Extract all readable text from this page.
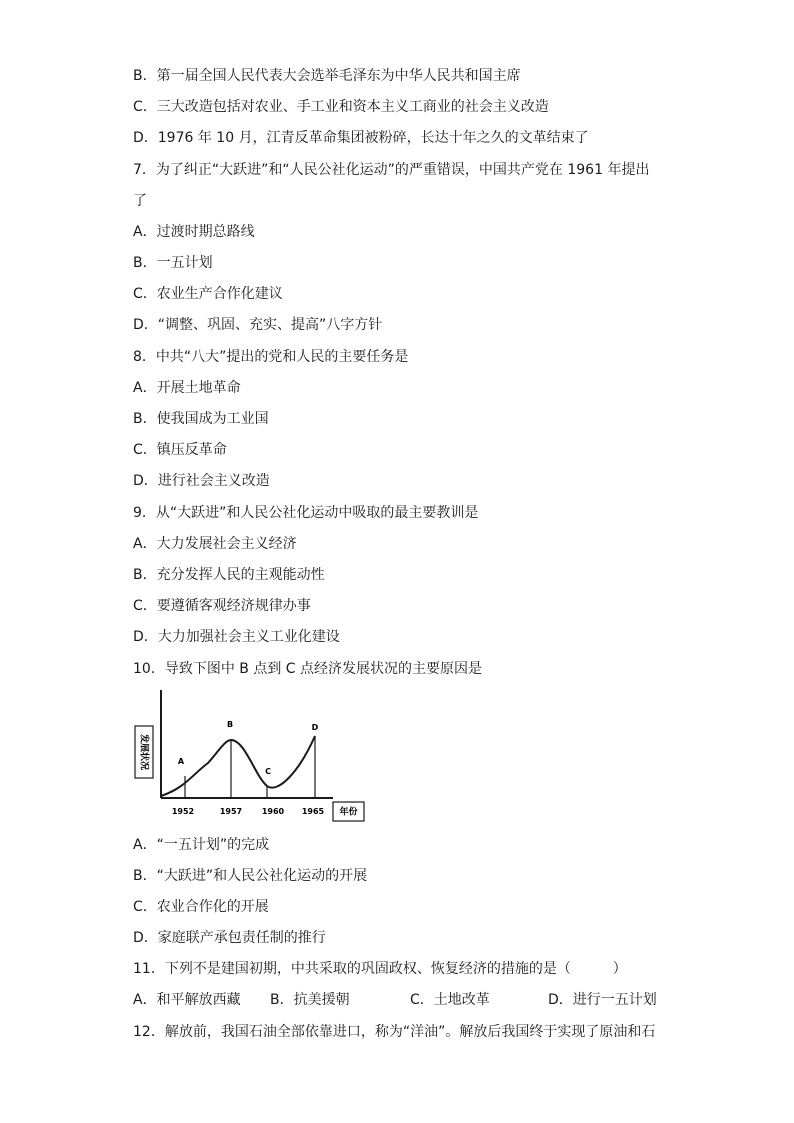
B．第一届全国人民代表大会选举毛泽东为中华人民共和国主席
C．三大改造包括对农业、手工业和资本主义工商业的社会主义改造
D．1976 年 10 月，江青反革命集团被粉碎，长达十年之久的文革结束了
7．为了纠正“大跃进”和“人民公社化运动”的严重错误，中国共产党在 1961 年提出
了
A．过渡时期总路线
B．一五计划
C．农业生产合作化建议
D．“调整、巩固、充实、提高”八字方针
8．中共“八大”提出的党和人民的主要任务是
A．开展土地革命
B．使我国成为工业国
C．镇压反革命
D．进行社会主义改造
9．从“大跃进”和人民公社化运动中吸取的最主要教训是
A．大力发展社会主义经济
B．充分发挥人民的主观能动性
C．要遵循客观经济规律办事
D．大力加强社会主义工业化建设
10．导致下图中 B 点到 C 点经济发展状况的主要原因是
发展状况
年份
A
B
C
D
1952	1957 1960 1965
A．“一五计划”的完成
B．“大跃进”和人民公社化运动的开展
C．农业合作化的开展
D．家庭联产承包责任制的推行
11．下列不是建国初期，中共采取的巩固政权、恢复经济的措施的是（　　　）
A．和平解放西藏 B．抗美援朝	C．土地改革	D．进行一五计划
12．解放前，我国石油全部依靠进口，称为“洋油”。解放后我国终于实现了原油和石
